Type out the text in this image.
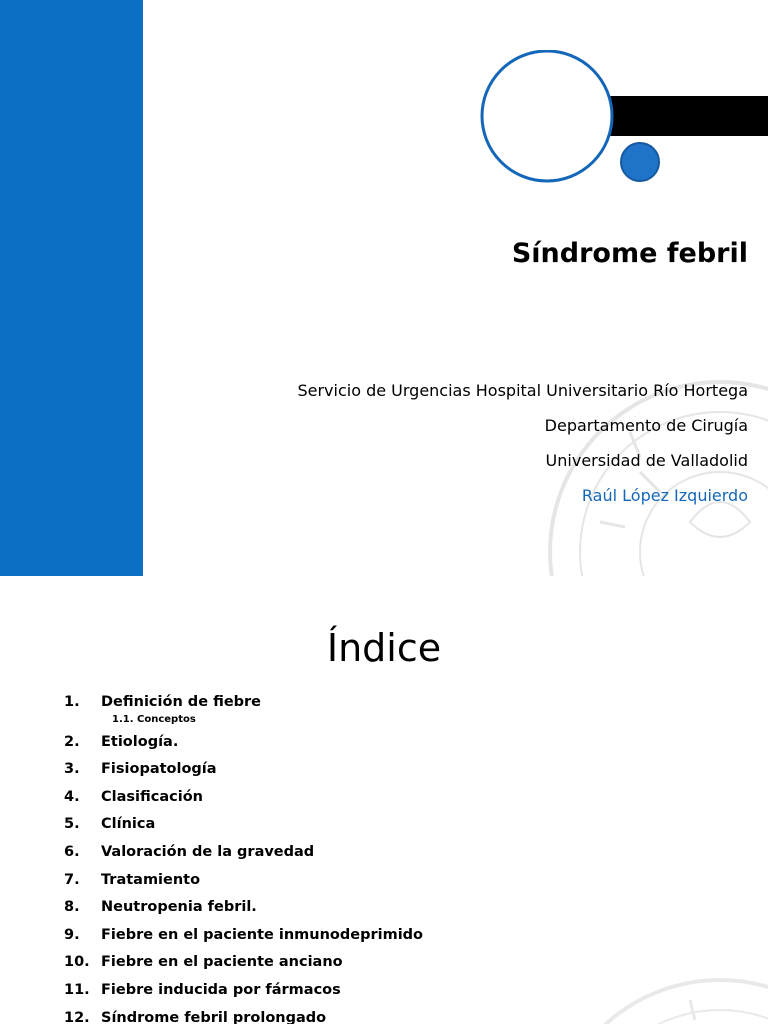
Síndrome febril
Servicio de Urgencias Hospital Universitario Río Hortega
Departamento de Cirugía
Universidad de Valladolid
Raúl López Izquierdo
Índice
1. Definición de fiebre
1.1. Conceptos
2. Etiología.
3. Fisiopatología
4. Clasificación
5. Clínica
6. Valoración de la gravedad
7. Tratamiento
8. Neutropenia febril.
9. Fiebre en el paciente inmunodeprimido
10. Fiebre en el paciente anciano
11. Fiebre inducida por fármacos
12. Síndrome febril prolongado
